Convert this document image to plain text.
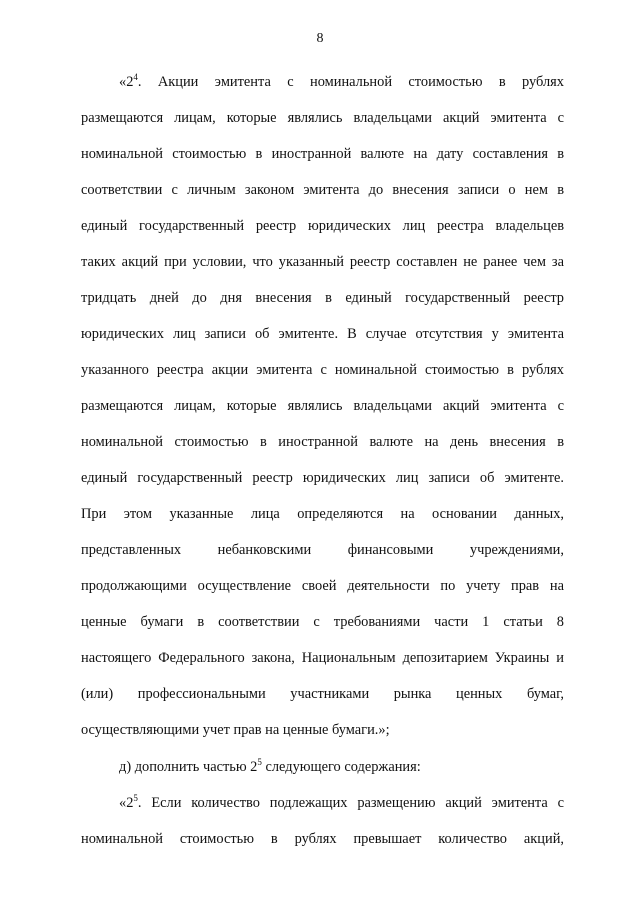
8
«$2^4$. Акции эмитента с номинальной стоимостью в рублях
размещаются лицам, которые являлись владельцами акций эмитента с
номинальной стоимостью в иностранной валюте на дату составления в
соответствии с личным законом эмитента до внесения записи о нем в
единый государственный реестр юридических лиц реестра владельцев
таких акций при условии, что указанный реестр составлен не ранее чем за
тридцать дней до дня внесения в единый государственный реестр
юридических лиц записи об эмитенте. В случае отсутствия у эмитента
указанного реестра акции эмитента с номинальной стоимостью в рублях
размещаются лицам, которые являлись владельцами акций эмитента с
номинальной стоимостью в иностранной валюте на день внесения в
единый государственный реестр юридических лиц записи об эмитенте.
При этом указанные лица определяются на основании данных,
представленных небанковскими финансовыми учреждениями,
продолжающими осуществление своей деятельности по учету прав на
ценные бумаги в соответствии с требованиями части 1 статьи 8
настоящего Федерального закона, Национальным депозитарием Украины и
(или) профессиональными участниками рынка ценных бумаг,
осуществляющими учет прав на ценные бумаги.»;
д) дополнить частью $2^5$ следующего содержания:
«$2^5$. Если количество подлежащих размещению акций эмитента с
номинальной стоимостью в рублях превышает количество акций,
